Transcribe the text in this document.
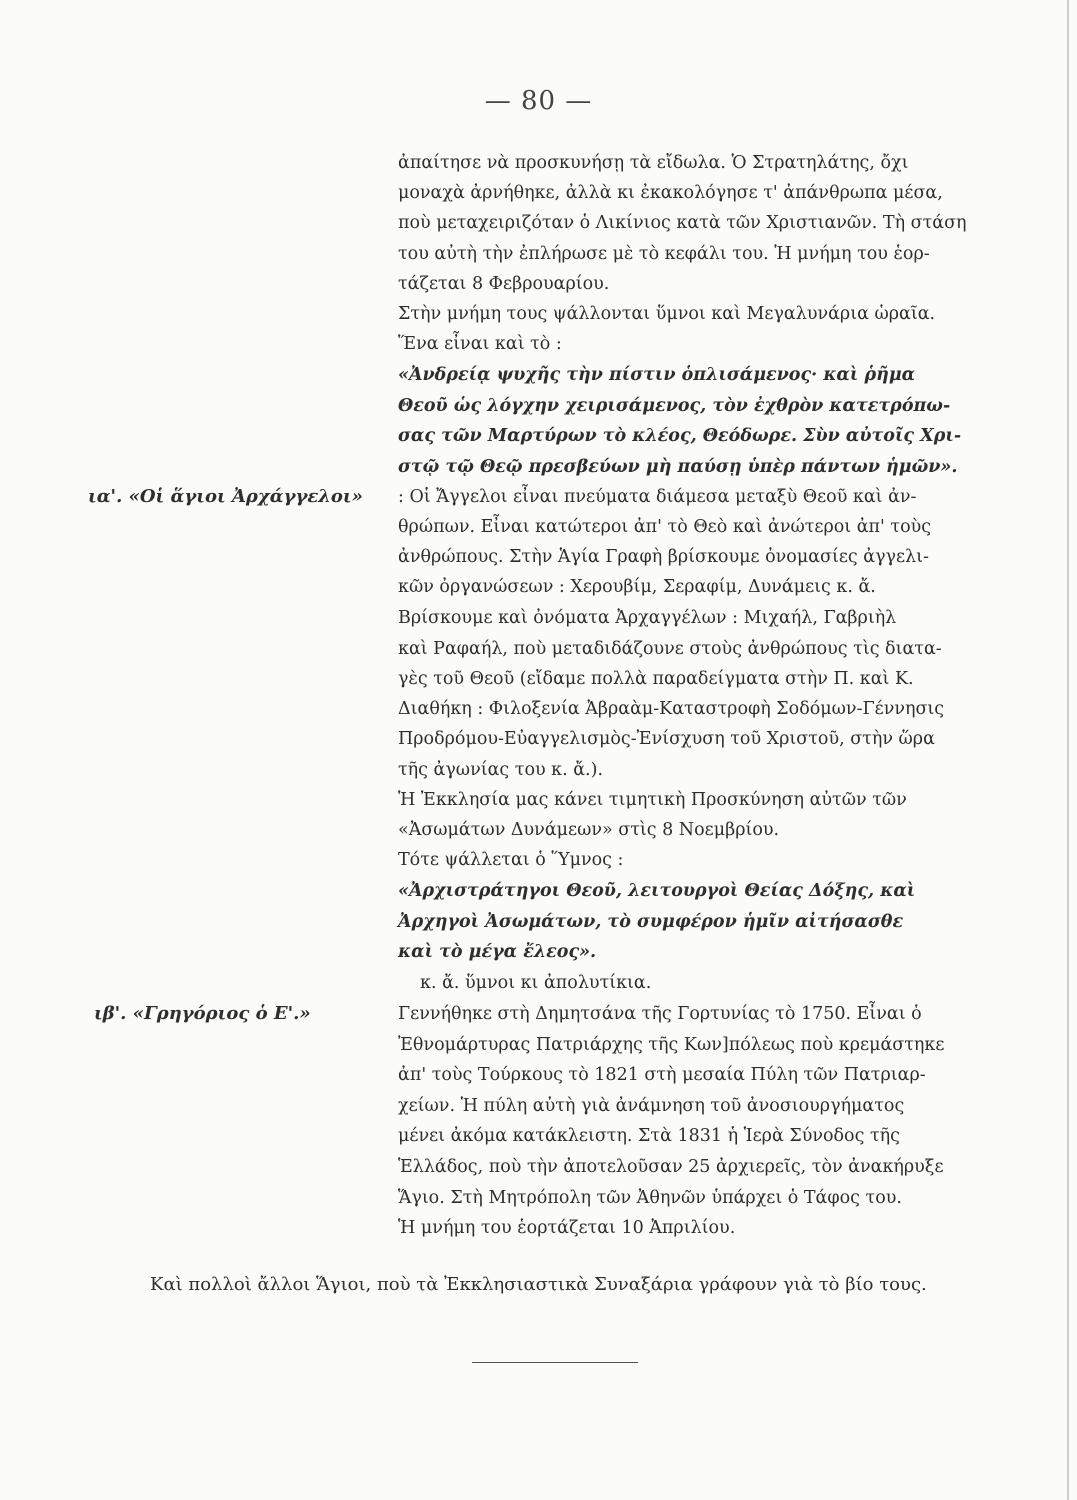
— 80 —
ἀπαίτησε νὰ προσκυνήσῃ τὰ εἴδωλα. Ὁ Στρατηλάτης, ὄχι
μοναχὰ ἀρνήθηκε, ἀλλὰ κι ἐκακολόγησε τ' ἀπάνθρωπα μέσα,
ποὺ μεταχειριζόταν ὁ Λικίνιος κατὰ τῶν Χριστιανῶν. Τὴ στάση
του αὐτὴ τὴν ἐπλήρωσε μὲ τὸ κεφάλι του. Ἡ μνήμη του ἑορ-
τάζεται 8 Φεβρουαρίου.
Στὴν μνήμη τους ψάλλονται ὕμνοι καὶ Μεγαλυνάρια ὡραῖα.
Ἕνα εἶναι καὶ τὸ :
«Ἀνδρείᾳ ψυχῆς τὴν πίστιν ὁπλισάμενος· καὶ ῥῆμα
Θεοῦ ὡς λόγχην χειρισάμενος, τὸν ἐχθρὸν κατετρόπω-
σας τῶν Μαρτύρων τὸ κλέος, Θεόδωρε. Σὺν αὐτοῖς Χρι-
στῷ τῷ Θεῷ πρεσβεύων μὴ παύσῃ ὑπὲρ πάντων ἡμῶν».
ια'. «Οἱ ἅγιοι Ἀρχάγγελοι» : Οἱ Ἄγγελοι εἶναι πνεύματα διάμεσα μεταξὺ Θεοῦ καὶ ἀν-
θρώπων. Εἶναι κατώτεροι ἀπ' τὸ Θεὸ καὶ ἀνώτεροι ἀπ' τοὺς
ἀνθρώπους. Στὴν Ἁγία Γραφὴ βρίσκουμε ὀνομασίες ἀγγελι-
κῶν ὀργανώσεων : Χερουβίμ, Σεραφίμ, Δυνάμεις κ. ἄ.
Βρίσκουμε καὶ ὀνόματα Ἀρχαγγέλων : Μιχαήλ, Γαβριὴλ
καὶ Ραφαήλ, ποὺ μεταδιδάζουνε στοὺς ἀνθρώπους τὶς διατα-
γὲς τοῦ Θεοῦ (εἴδαμε πολλὰ παραδείγματα στὴν Π. καὶ Κ.
Διαθήκη : Φιλοξενία Ἀβραὰμ-Καταστροφὴ Σοδόμων-Γέννησις
Προδρόμου-Εὐαγγελισμὸς-Ἐνίσχυση τοῦ Χριστοῦ, στὴν ὥρα
τῆς ἀγωνίας του κ. ἄ.).
Ἡ Ἐκκλησία μας κάνει τιμητικὴ Προσκύνηση αὐτῶν τῶν
«Ἀσωμάτων Δυνάμεων» στὶς 8 Νοεμβρίου.
Τότε ψάλλεται ὁ Ὕμνος :
«Ἀρχιστράτηγοι Θεοῦ, λειτουργοὶ Θείας Δόξης, καὶ
Ἀρχηγοὶ Ἀσωμάτων, τὸ συμφέρον ἡμῖν αἰτήσασθε
καὶ τὸ μέγα ἔλεος».
κ. ἄ. ὕμνοι κι ἀπολυτίκια.
ιβ'. «Γρηγόριος ὁ Ε'.»	Γεννήθηκε στὴ Δημητσάνα τῆς Γορτυνίας τὸ 1750. Εἶναι ὁ
Ἐθνομάρτυρας Πατριάρχης τῆς Κων]πόλεως ποὺ κρεμάστηκε
ἀπ' τοὺς Τούρκους τὸ 1821 στὴ μεσαία Πύλη τῶν Πατριαρ-
χείων. Ἡ πύλη αὐτὴ γιὰ ἀνάμνηση τοῦ ἀνοσιουργήματος
μένει ἀκόμα κατάκλειστη. Στὰ 1831 ἡ Ἱερὰ Σύνοδος τῆς
Ἑλλάδος, ποὺ τὴν ἀποτελοῦσαν 25 ἀρχιερεῖς, τὸν ἀνακήρυξε
Ἅγιο. Στὴ Μητρόπολη τῶν Ἀθηνῶν ὑπάρχει ὁ Τάφος του.
Ἡ μνήμη του ἑορτάζεται 10 Ἀπριλίου.
Καὶ πολλοὶ ἄλλοι Ἅγιοι, ποὺ τὰ Ἐκκλησιαστικὰ Συναξάρια γράφουν γιὰ τὸ βίο τους.
